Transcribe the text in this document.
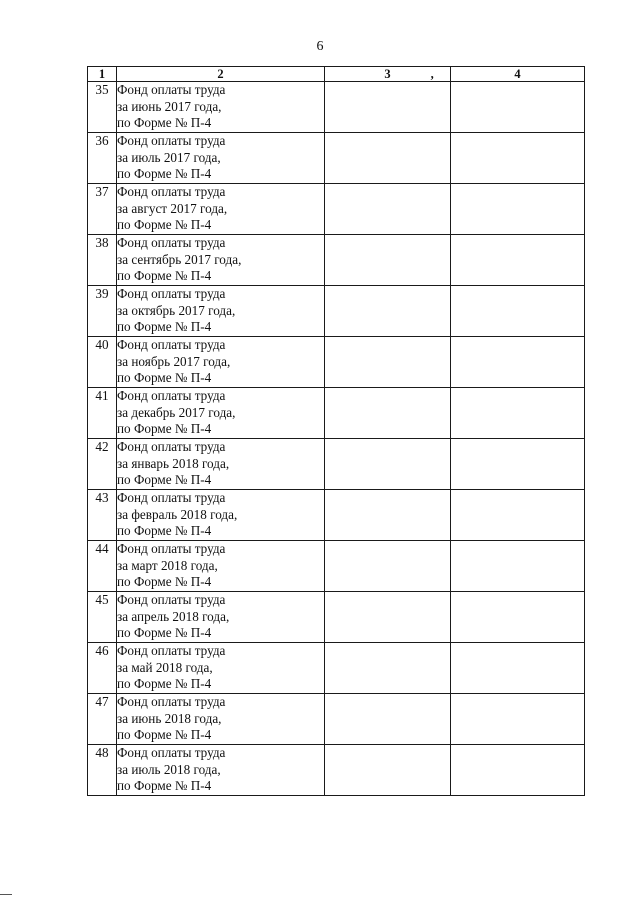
6
1	2	3 ,	4
35	Фонд оплаты труда
за июнь 2017 года,
по Форме № П-4		

36	Фонд оплаты труда
за июль 2017 года,
по Форме № П-4		

37	Фонд оплаты труда
за август 2017 года,
по Форме № П-4		

38	Фонд оплаты труда
за сентябрь 2017 года,
по Форме № П-4		

39	Фонд оплаты труда
за октябрь 2017 года,
по Форме № П-4		

40	Фонд оплаты труда
за ноябрь 2017 года,
по Форме № П-4		

41	Фонд оплаты труда
за декабрь 2017 года,
по Форме № П-4		

42	Фонд оплаты труда
за январь 2018 года,
по Форме № П-4		

43	Фонд оплаты труда
за февраль 2018 года,
по Форме № П-4		

44	Фонд оплаты труда
за март 2018 года,
по Форме № П-4		

45	Фонд оплаты труда
за апрель 2018 года,
по Форме № П-4		

46	Фонд оплаты труда
за май 2018 года,
по Форме № П-4		

47	Фонд оплаты труда
за июнь 2018 года,
по Форме № П-4		

48	Фонд оплаты труда
за июль 2018 года,
по Форме № П-4		
